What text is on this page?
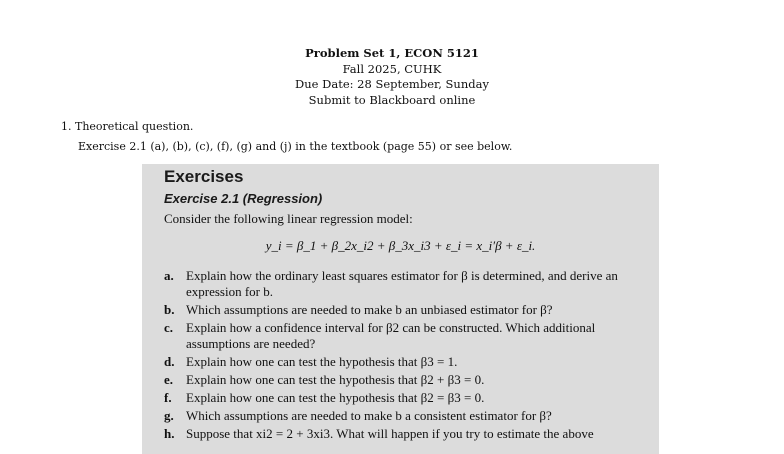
Problem Set 1, ECON 5121
Fall 2025, CUHK
Due Date: 28 September, Sunday
Submit to Blackboard online
1. Theoretical question.
Exercise 2.1 (a), (b), (c), (f), (g) and (j) in the textbook (page 55) or see below.
Exercises
Exercise 2.1 (Regression)
Consider the following linear regression model:
y_i = β_1 + β_2x_i2 + β_3x_i3 + ε_i = x_i′β + ε_i.
a. Explain how the ordinary least squares estimator for β is determined, and derive an expression for b.
b. Which assumptions are needed to make b an unbiased estimator for β?
c. Explain how a confidence interval for β2 can be constructed. Which additional assumptions are needed?
d. Explain how one can test the hypothesis that β3 = 1.
e. Explain how one can test the hypothesis that β2 + β3 = 0.
f.	Explain how one can test the hypothesis that β2 = β3 = 0.
g. Which assumptions are needed to make b a consistent estimator for β?
h. Suppose that xi2 = 2 + 3xi3. What will happen if you try to estimate the above
